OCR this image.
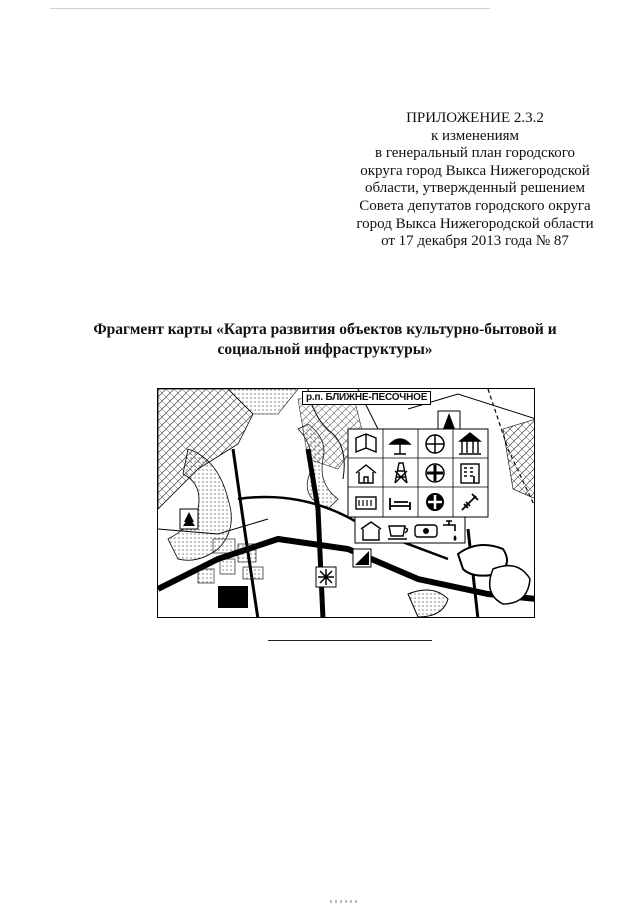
ПРИЛОЖЕНИЕ 2.3.2
к изменениям
в генеральный план городского
округа город Выкса Нижегородской
области, утвержденный решением
Совета депутатов городского округа
город Выкса Нижегородской области
от 17 декабря 2013 года № 87
Фрагмент карты «Карта развития объектов культурно-бытовой и
социальной инфраструктуры»
р.п. БЛИЖНЕ-ПЕСОЧНОЕ
